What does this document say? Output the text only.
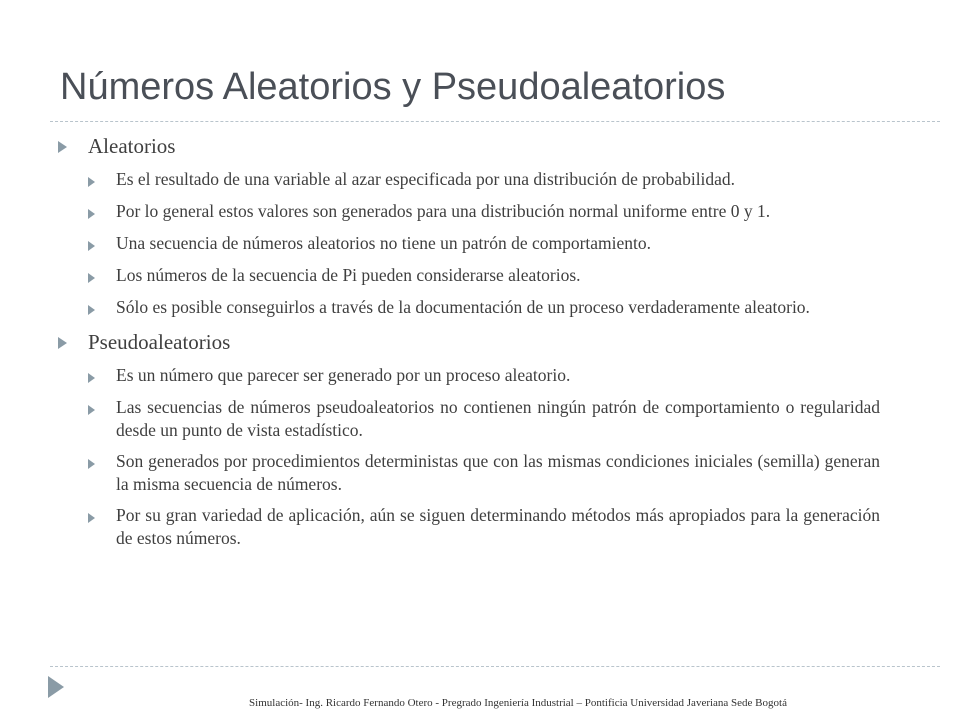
Números Aleatorios y Pseudoaleatorios
Aleatorios
Es el resultado de una variable al azar especificada por una distribución de probabilidad.
Por lo general estos valores son generados para una distribución normal uniforme entre 0 y 1.
Una secuencia de números aleatorios no tiene un patrón de comportamiento.
Los números de la secuencia de Pi pueden considerarse aleatorios.
Sólo es posible conseguirlos a través de la documentación de un proceso verdaderamente aleatorio.
Pseudoaleatorios
Es un número que parecer ser generado por un proceso aleatorio.
Las secuencias de números pseudoaleatorios no contienen ningún patrón de comportamiento o regularidad desde un punto de vista estadístico.
Son generados por procedimientos deterministas que con las mismas condiciones iniciales (semilla) generan la misma secuencia de números.
Por su gran variedad de aplicación, aún se siguen determinando métodos más apropiados para la generación de estos números.
Simulación- Ing. Ricardo Fernando Otero - Pregrado Ingeniería Industrial – Pontificia Universidad Javeriana Sede Bogotá
